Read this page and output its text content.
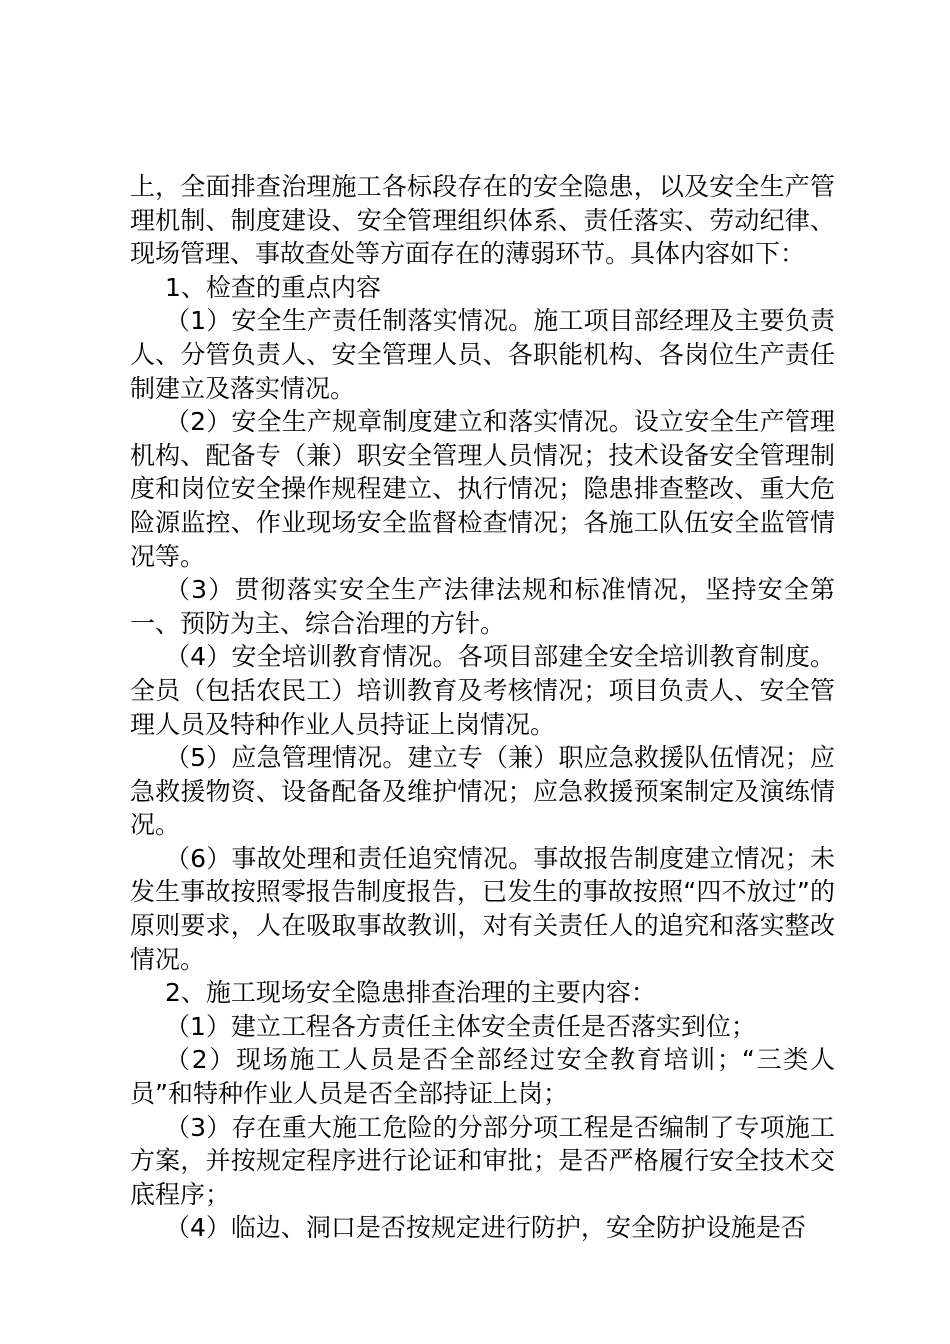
上，全面排查治理施工各标段存在的安全隐患，以及安全生产管理机制、制度建设、安全管理组织体系、责任落实、劳动纪律、现场管理、事故查处等方面存在的薄弱环节。具体内容如下：

1、检查的重点内容

（1）安全生产责任制落实情况。施工项目部经理及主要负责人、分管负责人、安全管理人员、各职能机构、各岗位生产责任制建立及落实情况。

（2）安全生产规章制度建立和落实情况。设立安全生产管理机构、配备专（兼）职安全管理人员情况；技术设备安全管理制度和岗位安全操作规程建立、执行情况；隐患排查整改、重大危险源监控、作业现场安全监督检查情况；各施工队伍安全监管情况等。

（3）贯彻落实安全生产法律法规和标准情况，坚持安全第一、预防为主、综合治理的方针。

（4）安全培训教育情况。各项目部建全安全培训教育制度。全员（包括农民工）培训教育及考核情况；项目负责人、安全管理人员及特种作业人员持证上岗情况。

（5）应急管理情况。建立专（兼）职应急救援队伍情况；应急救援物资、设备配备及维护情况；应急救援预案制定及演练情况。

（6）事故处理和责任追究情况。事故报告制度建立情况；未发生事故按照零报告制度报告，已发生的事故按照“四不放过”的原则要求，人在吸取事故教训，对有关责任人的追究和落实整改情况。

2、施工现场安全隐患排查治理的主要内容：

（1）建立工程各方责任主体安全责任是否落实到位；

（2）现场施工人员是否全部经过安全教育培训；“三类人员”和特种作业人员是否全部持证上岗；

（3）存在重大施工危险的分部分项工程是否编制了专项施工方案，并按规定程序进行论证和审批；是否严格履行安全技术交底程序；

（4）临边、洞口是否按规定进行防护，安全防护设施是否
